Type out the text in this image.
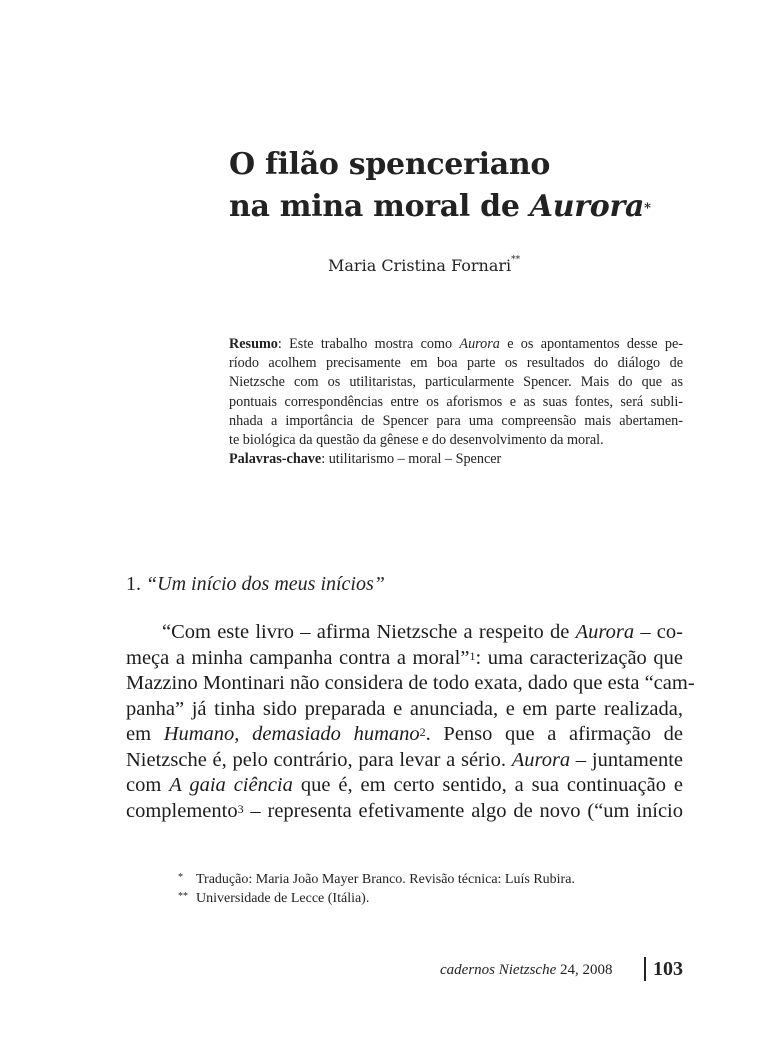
O filão spenceriano
na mina moral de Aurora*
Maria Cristina Fornari**
Resumo: Este trabalho mostra como Aurora e os apontamentos desse pe-
ríodo acolhem precisamente em boa parte os resultados do diálogo de
Nietzsche com os utilitaristas, particularmente Spencer. Mais do que as
pontuais correspondências entre os aforismos e as suas fontes, será subli-
nhada a importância de Spencer para uma compreensão mais abertamen-
te biológica da questão da gênese e do desenvolvimento da moral.
Palavras-chave: utilitarismo – moral – Spencer
1. “Um início dos meus inícios”
“Com este livro – afirma Nietzsche a respeito de Aurora – co-
meça a minha campanha contra a moral”$^1$: uma caracterização que
Mazzino Montinari não considera de todo exata, dado que esta “cam-
panha” já tinha sido preparada e anunciada, e em parte realizada,
em Humano, demasiado humano$^2$. Penso que a afirmação de
Nietzsche é, pelo contrário, para levar a sério. Aurora – juntamente
com A gaia ciência que é, em certo sentido, a sua continuação e
complemento$^3$ – representa efetivamente algo de novo (“um início
* Tradução: Maria João Mayer Branco. Revisão técnica: Luís Rubira.
** Universidade de Lecce (Itália).
cadernos Nietzsche 24, 2008 103
